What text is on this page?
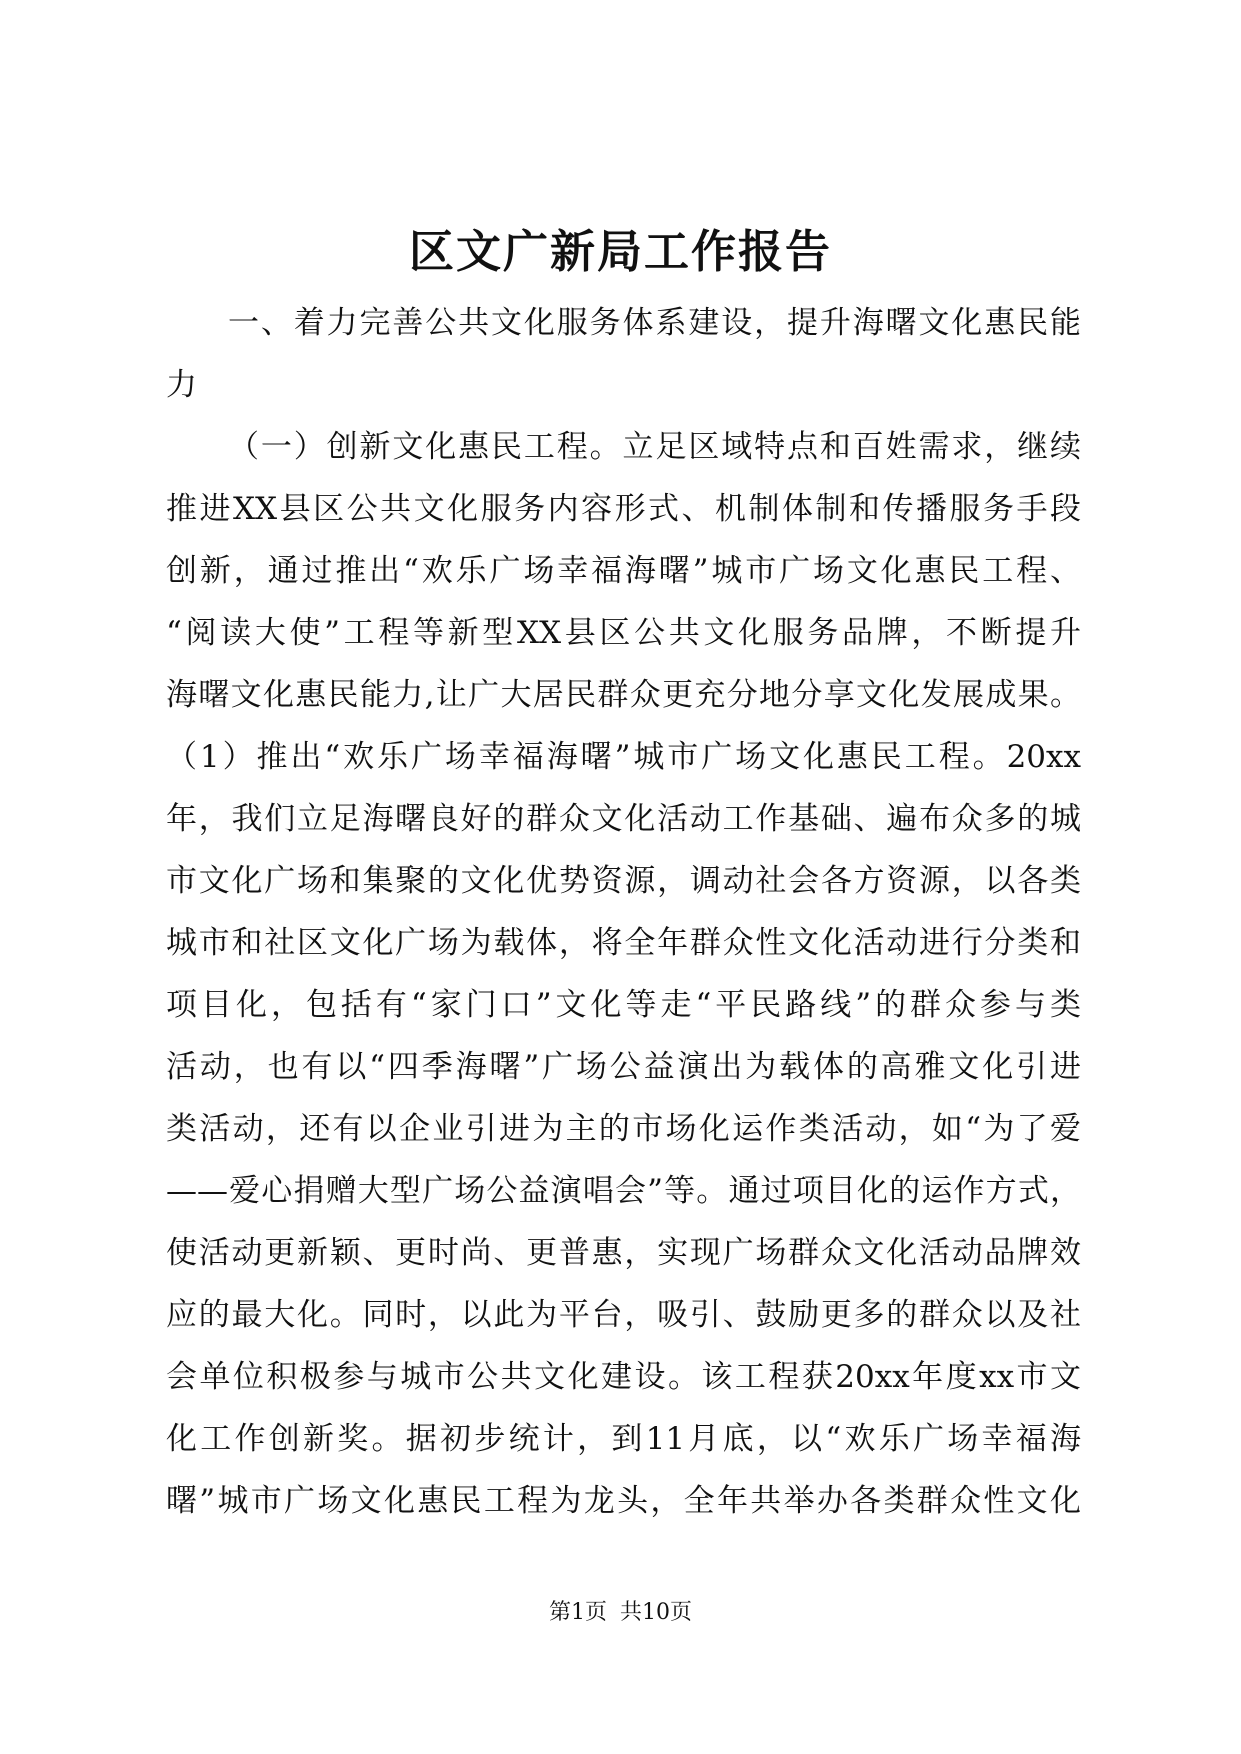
区文广新局工作报告
一、着力完善公共文化服务体系建设，提升海曙文化惠民能
力
（一）创新文化惠民工程。立足区域特点和百姓需求，继续
推进XX县区公共文化服务内容形式、机制体制和传播服务手段
创新，通过推出“欢乐广场幸福海曙”城市广场文化惠民工程、
“阅读大使”工程等新型XX县区公共文化服务品牌，不断提升
海曙文化惠民能力,让广大居民群众更充分地分享文化发展成果。
（1）推出“欢乐广场幸福海曙”城市广场文化惠民工程。20xx
年，我们立足海曙良好的群众文化活动工作基础、遍布众多的城
市文化广场和集聚的文化优势资源，调动社会各方资源，以各类
城市和社区文化广场为载体，将全年群众性文化活动进行分类和
项目化，包括有“家门口”文化等走“平民路线”的群众参与类
活动，也有以“四季海曙”广场公益演出为载体的高雅文化引进
类活动，还有以企业引进为主的市场化运作类活动，如“为了爱
——爱心捐赠大型广场公益演唱会”等。通过项目化的运作方式，
使活动更新颖、更时尚、更普惠，实现广场群众文化活动品牌效
应的最大化。同时，以此为平台，吸引、鼓励更多的群众以及社
会单位积极参与城市公共文化建设。该工程获20xx年度xx市文
化工作创新奖。据初步统计，到11月底，以“欢乐广场幸福海
曙”城市广场文化惠民工程为龙头，全年共举办各类群众性文化
第1页 共10页
